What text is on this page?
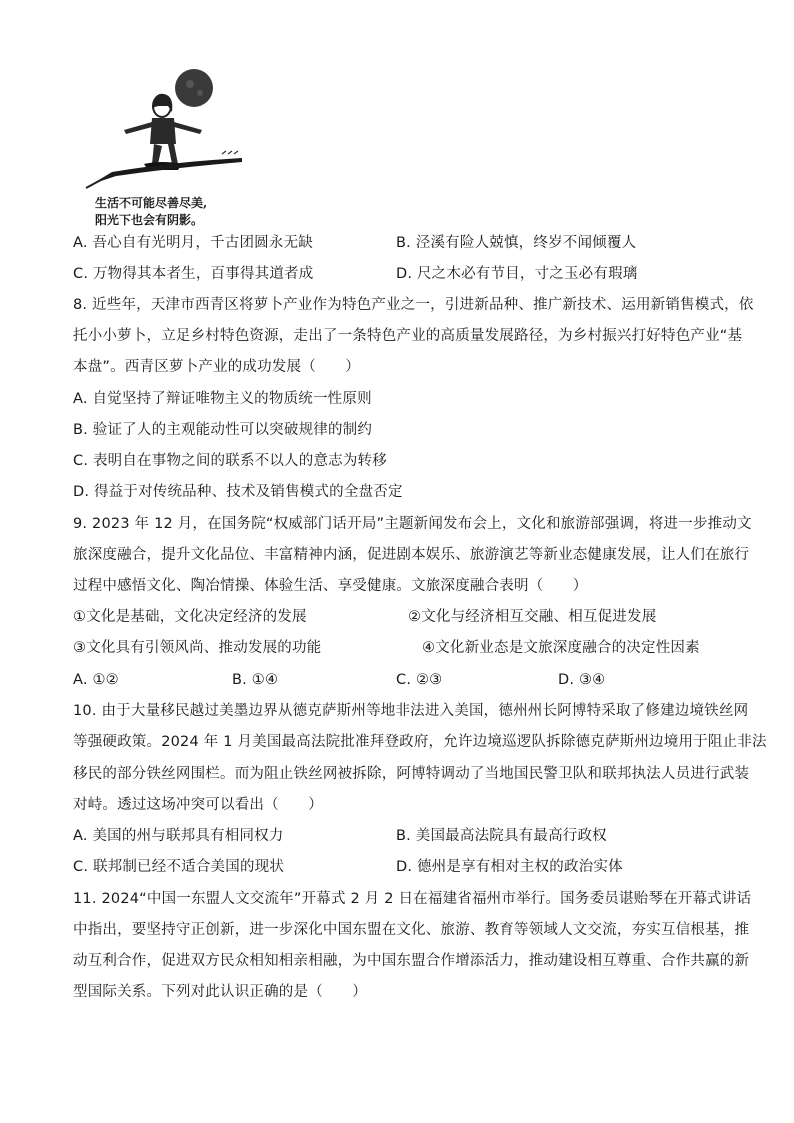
生活不可能尽善尽美,
阳光下也会有阴影。
A. 吾心自有光明月，千古团圆永无缺	B. 泾溪有险人兢慎，终岁不闻倾覆人
C. 万物得其本者生，百事得其道者成	D. 尺之木必有节目，寸之玉必有瑕璃
8. 近些年，天津市西青区将萝卜产业作为特色产业之一，引进新品种、推广新技术、运用新销售模式，依
托小小萝卜，立足乡村特色资源，走出了一条特色产业的高质量发展路径，为乡村振兴打好特色产业“基
本盘”。西青区萝卜产业的成功发展（　　）
A. 自觉坚持了辩证唯物主义的物质统一性原则
B. 验证了人的主观能动性可以突破规律的制约
C. 表明自在事物之间的联系不以人的意志为转移
D. 得益于对传统品种、技术及销售模式的全盘否定
9. 2023 年 12 月，在国务院“权威部门话开局”主题新闻发布会上，文化和旅游部强调，将进一步推动文
旅深度融合，提升文化品位、丰富精神内涵，促进剧本娱乐、旅游演艺等新业态健康发展，让人们在旅行
过程中感悟文化、陶冶情操、体验生活、享受健康。文旅深度融合表明（　　）
①文化是基础，文化决定经济的发展	②文化与经济相互交融、相互促进发展
③文化具有引领风尚、推动发展的功能	④文化新业态是文旅深度融合的决定性因素
A. ①②	B. ①④	C. ②③	D. ③④
10. 由于大量移民越过美墨边界从德克萨斯州等地非法进入美国，德州州长阿博特采取了修建边境铁丝网
等强硬政策。2024 年 1 月美国最高法院批准拜登政府，允许边境巡逻队拆除德克萨斯州边境用于阻止非法
移民的部分铁丝网围栏。而为阻止铁丝网被拆除，阿博特调动了当地国民警卫队和联邦执法人员进行武装
对峙。透过这场冲突可以看出（　　）
A. 美国的州与联邦具有相同权力	B. 美国最高法院具有最高行政权
C. 联邦制已经不适合美国的现状	D. 德州是享有相对主权的政治实体
11. 2024“中国一东盟人文交流年”开幕式 2 月 2 日在福建省福州市举行。国务委员谌贻琴在开幕式讲话
中指出，要坚持守正创新，进一步深化中国东盟在文化、旅游、教育等领域人文交流，夯实互信根基，推
动互利合作，促进双方民众相知相亲相融，为中国东盟合作增添活力，推动建设相互尊重、合作共赢的新
型国际关系。下列对此认识正确的是（　　）
